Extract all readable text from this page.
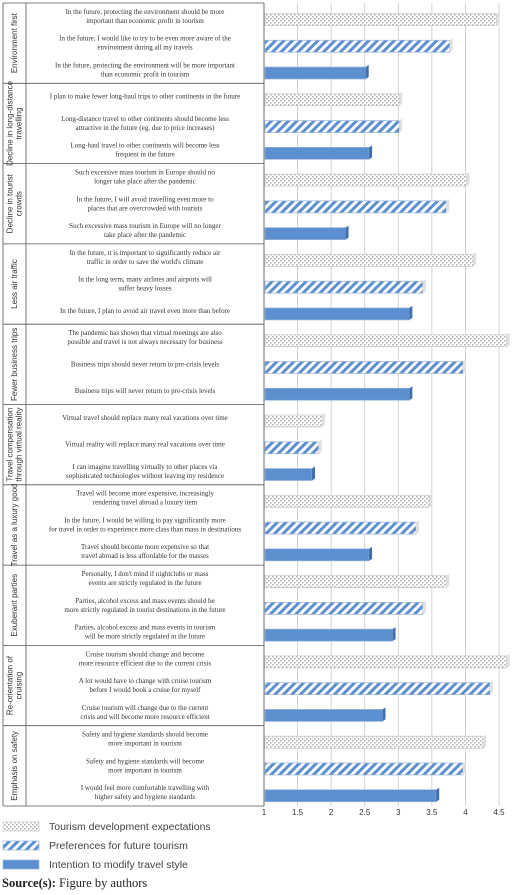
Environment first
Decline in long-distance travelling
Decline in tourist crowds
Less air traffic
Fewer business trips
Travel compensation through virtual reality
Travel as a luxury good
Exuberant parties
Re-orientation of cruising
Emphasis on safety
In the future, protecting the environment should be more
important than economic profit in tourism
In the future, I would like to try to be even more aware of the
environment during all my travels
In the future, protecting the environment will be more important
than economic profit in tourism
I plan to make fewer long-haul trips to other continents in the future
Long-distance travel to other continents should become less
attractive in the future (eg, due to price increases)
Long-haul travel to other continents will become less
frequent in the future
Such excessive mass tourism in Europe should no
longer take place after the pandemic
In the future, I will avoid travelling even more to
places that are overcrowded with tourists
Such excessive mass tourism in Europe will no longer
take place after the pandemic
In the future, it is important to significantly reduce air
traffic in order to save the world's climate
In the long term, many airlines and airports will
suffer heavy losses
In the future, I plan to avoid air travel even more than before
The pandemic has shown that virtual meetings are also
possible and travel is not always necessary for business
Business trips should never return to pre-crisis levels
Business trips will never return to pre-crisis levels
Virtual travel should replace many real vacations over time
Virtual reality will replace many real vacations over time
I can imagine travelling virtually to other places via
sophisticated technologies without leaving my residence
Travel will become more expensive, increasingly
rendering travel abroad a luxury item
In the future, I would be willing to pay significantly more
for travel in order to experience more class than mass in destinations
Travel should become more expensive so that
travel abroad is less affordable for the masses
Personally, I don't mind if nightclubs or mass
events are strictly regulated in the future
Parties, alcohol excess and mass events should be
more strictly regulated in tourist destinations in the future
Parties, alcohol excess and mass events in tourism
will be more strictly regulated in the future
Cruise tourism should change and become
more resource efficient due to the current crisis
A lot would have to change with cruise tourism
before I would book a cruise for myself
Cruise tourism will change due to the current
crisis and will become more resource efficient
Safety and hygiene standards should become
more important in tourism
Safety and hygiene standards will become
more important in tourism
I would feel more comfortable travelling with
higher safety and hygiene standards
1	1.5	2	2.5	3	3.5	4	4.5
Tourism development expectations
Preferences for future tourism
Intention to modify travel style
Source(s): Figure by authors
